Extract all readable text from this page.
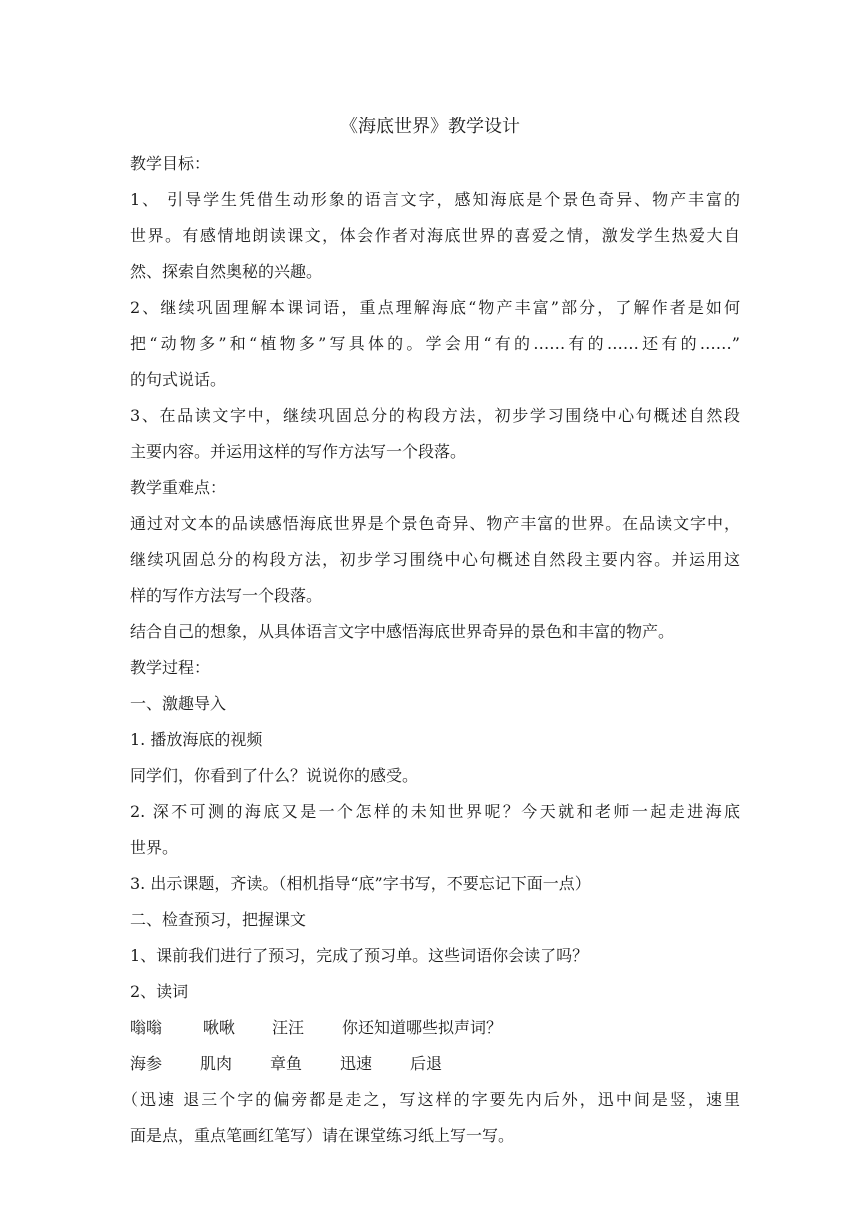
《海底世界》教学设计
教学目标：
1、 引导学生凭借生动形象的语言文字，感知海底是个景色奇异、物产丰富的
世界。有感情地朗读课文，体会作者对海底世界的喜爱之情，激发学生热爱大自
然、探索自然奥秘的兴趣。
2、继续巩固理解本课词语，重点理解海底“物产丰富”部分，了解作者是如何
把“动物多”和“植物多”写具体的。学会用“有的……有的……还有的……”
的句式说话。
3、在品读文字中，继续巩固总分的构段方法，初步学习围绕中心句概述自然段
主要内容。并运用这样的写作方法写一个段落。
教学重难点：
通过对文本的品读感悟海底世界是个景色奇异、物产丰富的世界。在品读文字中，
继续巩固总分的构段方法，初步学习围绕中心句概述自然段主要内容。并运用这
样的写作方法写一个段落。
结合自己的想象，从具体语言文字中感悟海底世界奇异的景色和丰富的物产。
教学过程：
一、激趣导入
1. 播放海底的视频
同学们，你看到了什么？说说你的感受。
2. 深不可测的海底又是一个怎样的未知世界呢？今天就和老师一起走进海底
世界。
3. 出示课题，齐读。（相机指导“底”字书写，不要忘记下面一点）
二、检查预习，把握课文
1、课前我们进行了预习，完成了预习单。这些词语你会读了吗？
2、读词
嗡嗡	啾啾 汪汪 你还知道哪些拟声词？
海参 肌肉 章鱼 迅速 后退
（迅速 退三个字的偏旁都是走之，写这样的字要先内后外，迅中间是竖，速里
面是点，重点笔画红笔写）请在课堂练习纸上写一写。
